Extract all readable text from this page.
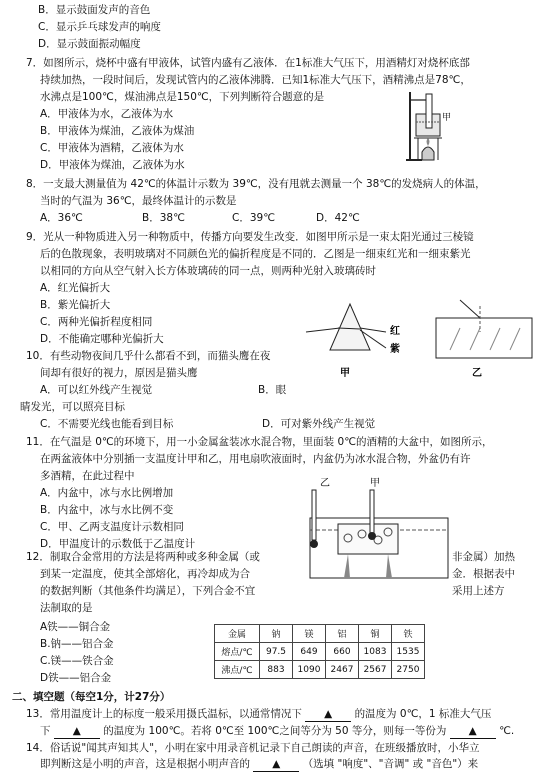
B．显示鼓面发声的音色
C．显示乒乓球发声的响度
D．显示鼓面振动幅度
7．如图所示，烧杯中盛有甲液体，试管内盛有乙液体．在1标准大气压下，用酒精灯对烧杯底部
持续加热，一段时间后，发现试管内的乙液体沸腾．已知1标准大气压下，酒精沸点是78℃，
水沸点是100℃，煤油沸点是150℃，下列判断符合题意的是
A．甲液体为水，乙液体为水
B．甲液体为煤油，乙液体为煤油
C．甲液体为酒精，乙液体为水
D．甲液体为煤油，乙液体为水
甲
8．一支最大测量值为 42℃的体温计示数为 39℃，没有甩就去测量一个 38℃的发烧病人的体温，
当时的气温为 36℃，最终体温计的示数是
A．36℃	B．38℃	C．39℃	D．42℃
9．光从一种物质进入另一种物质中，传播方向要发生改变．如图甲所示是一束太阳光通过三棱镜
后的色散现象，表明玻璃对不同颜色光的偏折程度是不同的．乙图是一细束红光和一细束紫光
以相同的方向从空气射入长方体玻璃砖的同一点，则两种光射入玻璃砖时
A．红光偏折大
B．紫光偏折大
C．两种光偏折程度相同
D．不能确定哪种光偏折大
红
紫
甲	乙
10．有些动物夜间几乎什么都看不到，而猫头鹰在夜
间却有很好的视力，原因是猫头鹰
A．可以红外线产生视觉	B．眼
睛发光，可以照亮目标
C．不需要光线也能看到目标	D．可对紫外线产生视觉
11．在气温是 0℃的环境下，用一小金属盆装冰水混合物，里面装 0℃的酒精的大盆中，如图所示，
在两盆液体中分别插一支温度计甲和乙，用电扇吹液面时，内盆仍为冰水混合物，外盆仍有许
多酒精，在此过程中
A．内盆中，冰与水比例增加
B．内盆中，冰与水比例不变
C．甲、乙两支温度计示数相同
D．甲温度计的示数低于乙温度计
乙	甲
12．制取合金常用的方法是将两种或多种金属（或	非金属）加热
到某一定温度，使其全部熔化，再冷却成为合	金．根据表中
的数据判断（其他条件均满足），下列合金不宜	采用上述方
法制取的是
A铁——铜合金
B.钠——铝合金
C.镁——铁合金
D铁——铝合金
金属	钠	镁	铝	铜	铁
熔点/℃	97.5	649	660	1083	1535
沸点/℃	883	1090	2467	2567	2750
二、填空题（每空1分，计27分）
13．常用温度计上的标度一般采用摄氏温标，以通常情况下 ▲ 的温度为 0℃，1 标准大气压
下 ▲ 的温度为 100℃。若将 0℃至 100℃之间等分为 50 等分，则每一等份为 ▲ ℃.
14．俗话说"闻其声知其人"，小明在家中用录音机记录下自己朗读的声音，在班级播放时，小华立
即判断这是小明的声音，这是根据小明声音的 ▲ （选填 "响度"、"音调" 或 "音色"）来
